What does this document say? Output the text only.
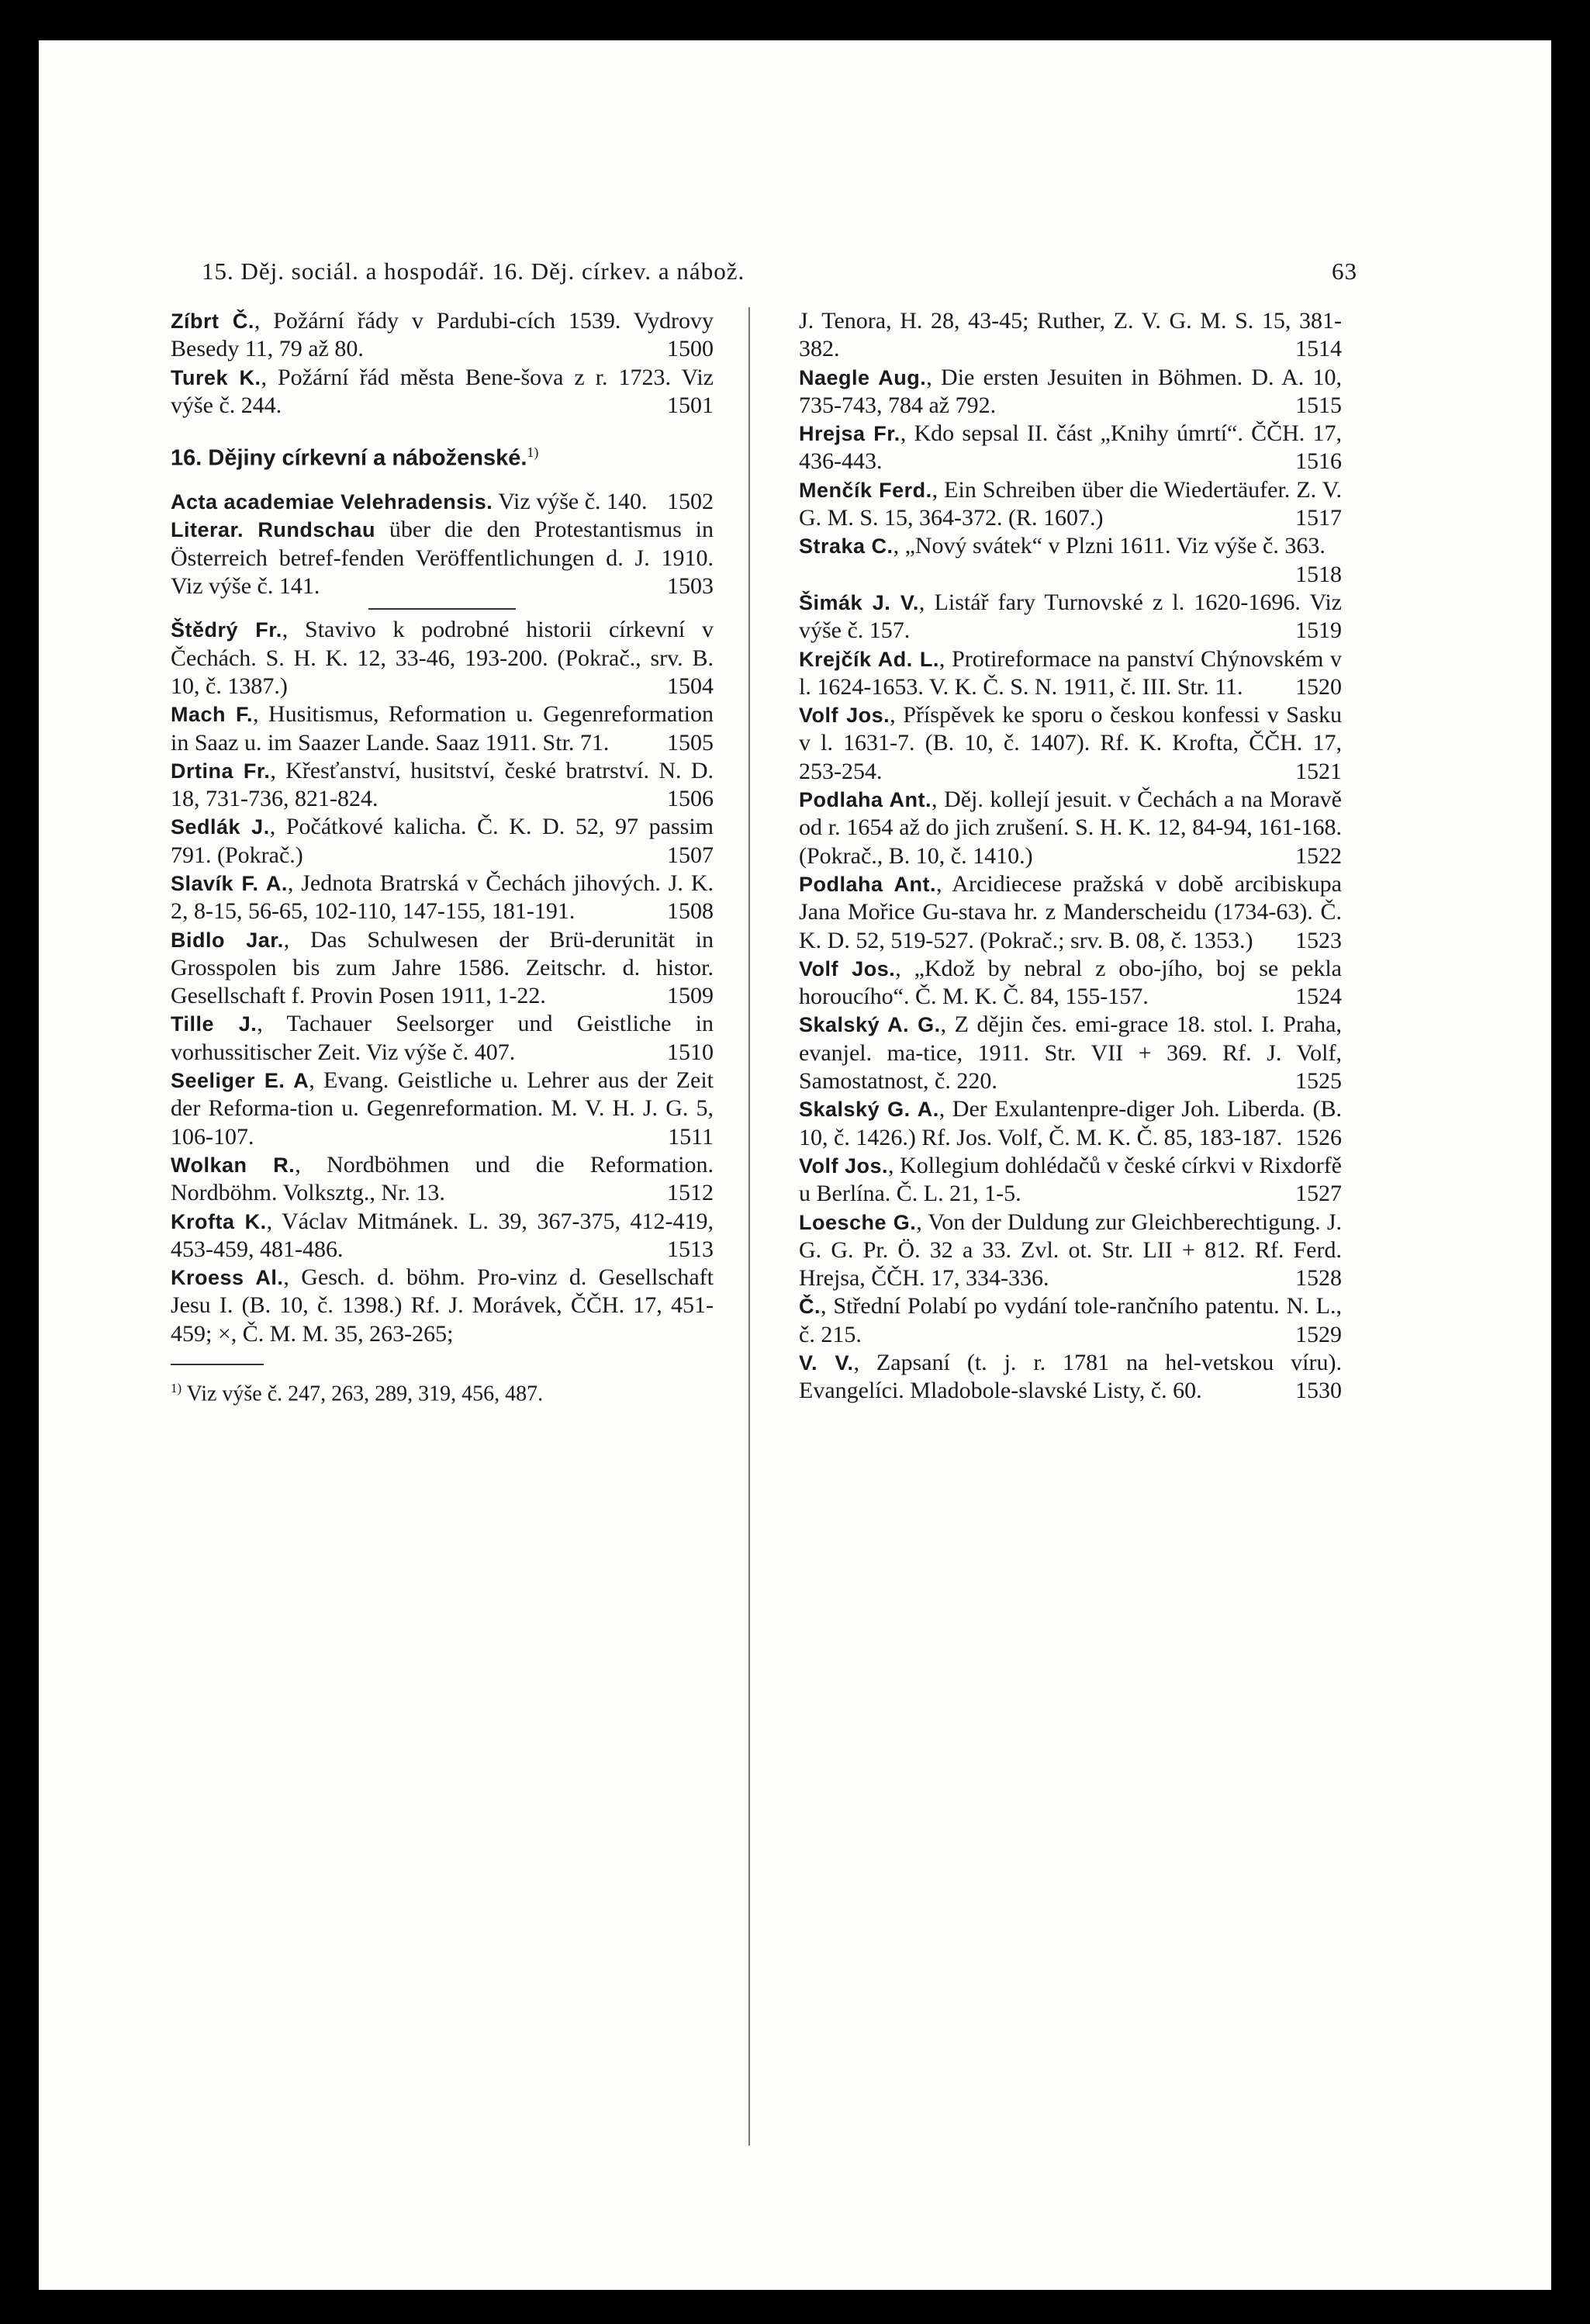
15. Děj. sociál. a hospodář. 16. Děj. církev. a nábož.	63
Zíbrt Č., Požární řády v Pardubi-cích 1539. Vydrovy Besedy 11, 79 až 80.	1500
Turek K., Požární řád města Bene-šova z r. 1723. Viz výše č. 244.	1501
16. Dějiny církevní a náboženské.$^{1)}$
Acta academiae Velehradensis. Viz výše č. 140. 1502
Literar. Rundschau über die den Protestantismus in Österreich betref-fenden Veröffentlichungen d. J. 1910. Viz výše č. 141.	1503
Štědrý Fr., Stavivo k podrobné historii církevní v Čechách. S. H. K. 12, 33-46, 193-200. (Pokrač., srv. B. 10, č. 1387.)	1504
Mach F., Husitismus, Reformation u. Gegenreformation in Saaz u. im Saazer Lande. Saaz 1911. Str. 71. 1505
Drtina Fr., Křesťanství, husitství, české bratrství. N. D. 18, 731-736, 821-824.	1506
Sedlák J., Počátkové kalicha. Č. K. D. 52, 97 passim 791. (Pokrač.)	1507
Slavík F. A., Jednota Bratrská v Čechách jihových. J. K. 2, 8-15, 56-65, 102-110, 147-155, 181-191.	1508
Bidlo Jar., Das Schulwesen der Brü-derunität in Grosspolen bis zum Jahre 1586. Zeitschr. d. histor. Gesellschaft f. Provin Posen 1911, 1-22.	1509
Tille J., Tachauer Seelsorger und Geistliche in vorhussitischer Zeit. Viz výše č. 407.	1510
Seeliger E. A, Evang. Geistliche u. Lehrer aus der Zeit der Reforma-tion u. Gegenreformation. M. V. H. J. G. 5, 106-107.	1511
Wolkan R., Nordböhmen und die Reformation. Nordböhm. Volksztg., Nr. 13.	1512
Krofta K., Václav Mitmánek. L. 39, 367-375, 412-419, 453-459, 481-486.	1513
Kroess Al., Gesch. d. böhm. Pro-vinz d. Gesellschaft Jesu I. (B. 10, č. 1398.) Rf. J. Morávek, ČČH. 17, 451-459; ×, Č. M. M. 35, 263-265;
$^{1)}$ Viz výše č. 247, 263, 289, 319, 456, 487.
J. Tenora, H. 28, 43-45; Ruther, Z. V. G. M. S. 15, 381-382.	1514
Naegle Aug., Die ersten Jesuiten in Böhmen. D. A. 10, 735-743, 784 až 792.	1515
Hrejsa Fr., Kdo sepsal II. část „Knihy úmrtí“. ČČH. 17, 436-443.	1516
Menčík Ferd., Ein Schreiben über die Wiedertäufer. Z. V. G. M. S. 15, 364-372. (R. 1607.)	1517
Straka C., „Nový svátek“ v Plzni 1611. Viz výše č. 363.
1518
Šimák J. V., Listář fary Turnovské z l. 1620-1696. Viz výše č. 157.	1519
Krejčík Ad. L., Protireformace na panství Chýnovském v l. 1624-1653. V. K. Č. S. N. 1911, č. III. Str. 11. 1520
Volf Jos., Příspěvek ke sporu o českou konfessi v Sasku v l. 1631-7. (B. 10, č. 1407). Rf. K. Krofta, ČČH. 17, 253-254.	1521
Podlaha Ant., Děj. kollejí jesuit. v Čechách a na Moravě od r. 1654 až do jich zrušení. S. H. K. 12, 84-94, 161-168. (Pokrač., B. 10, č. 1410.)	1522
Podlaha Ant., Arcidiecese pražská v době arcibiskupa Jana Mořice Gu-stava hr. z Manderscheidu (1734-63). Č. K. D. 52, 519-527. (Pokrač.; srv. B. 08, č. 1353.) 1523
Volf Jos., „Kdož by nebral z obo-jího, boj se pekla horoucího“. Č. M. K. Č. 84, 155-157.	1524
Skalský A. G., Z dějin čes. emi-grace 18. stol. I. Praha, evanjel. ma-tice, 1911. Str. VII + 369. Rf. J. Volf, Samostatnost, č. 220.	1525
Skalský G. A., Der Exulantenpre-diger Joh. Liberda. (B. 10, č. 1426.) Rf. Jos. Volf, Č. M. K. Č. 85, 183-187. 1526
Volf Jos., Kollegium dohlédačů v české církvi v Rixdorfě u Berlína. Č. L. 21, 1-5.	1527
Loesche G., Von der Duldung zur Gleichberechtigung. J. G. G. Pr. Ö. 32 a 33. Zvl. ot. Str. LII + 812. Rf. Ferd. Hrejsa, ČČH. 17, 334-336.	1528
Č., Střední Polabí po vydání tole-rančního patentu. N. L., č. 215.	1529
V. V., Zapsaní (t. j. r. 1781 na hel-vetskou víru). Evangelíci. Mladobole-slavské Listy, č. 60.	1530
